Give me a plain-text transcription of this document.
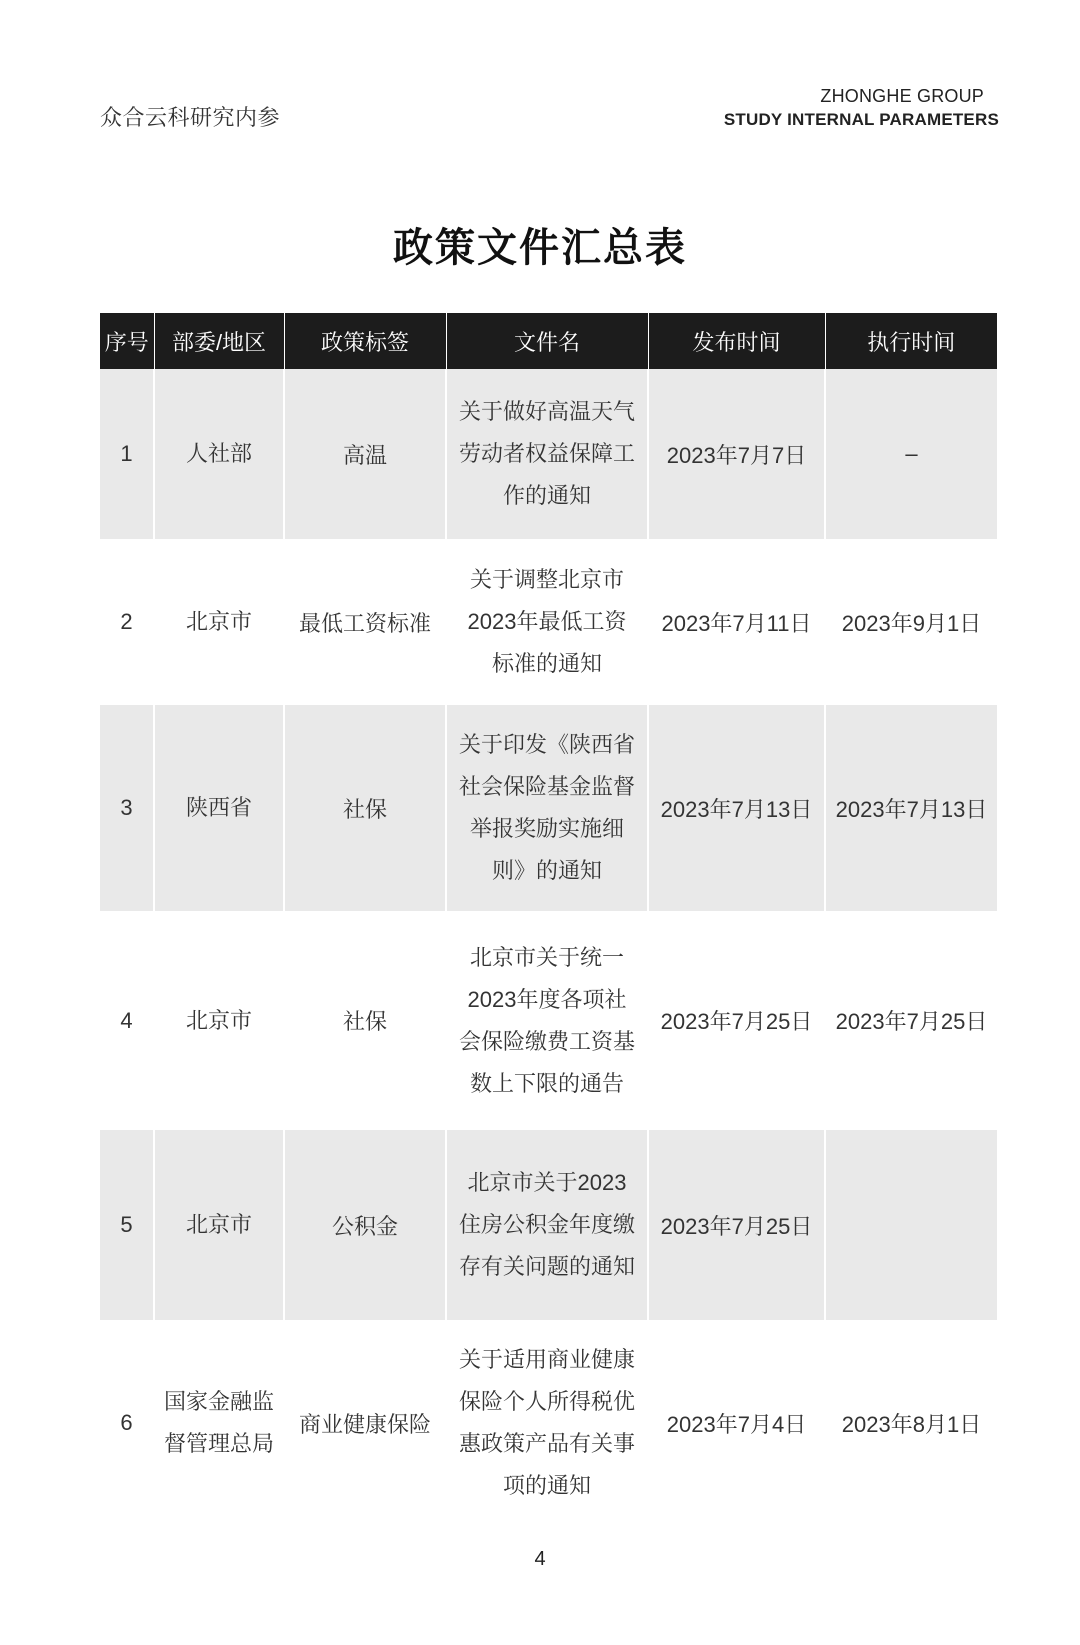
众合云科研究内参
ZHONGHE GROUP
STUDY INTERNAL PARAMETERS
政策文件汇总表
序号	部委/地区	政策标签	文件名	发布时间	执行时间
1	人社部	高温	关于做好高温天气
劳动者权益保障工
作的通知	2023年7月7日	–
2	北京市	最低工资标准	关于调整北京市
2023年最低工资
标准的通知	2023年7月11日	2023年9月1日
3	陕西省	社保	关于印发《陕西省
社会保险基金监督
举报奖励实施细
则》的通知	2023年7月13日	2023年7月13日
4	北京市	社保	北京市关于统一
2023年度各项社
会保险缴费工资基
数上下限的通告	2023年7月25日	2023年7月25日
5	北京市	公积金	北京市关于2023
住房公积金年度缴
存有关问题的通知	2023年7月25日	
6	国家金融监
督管理总局	商业健康保险	关于适用商业健康
保险个人所得税优
惠政策产品有关事
项的通知	2023年7月4日	2023年8月1日
4
